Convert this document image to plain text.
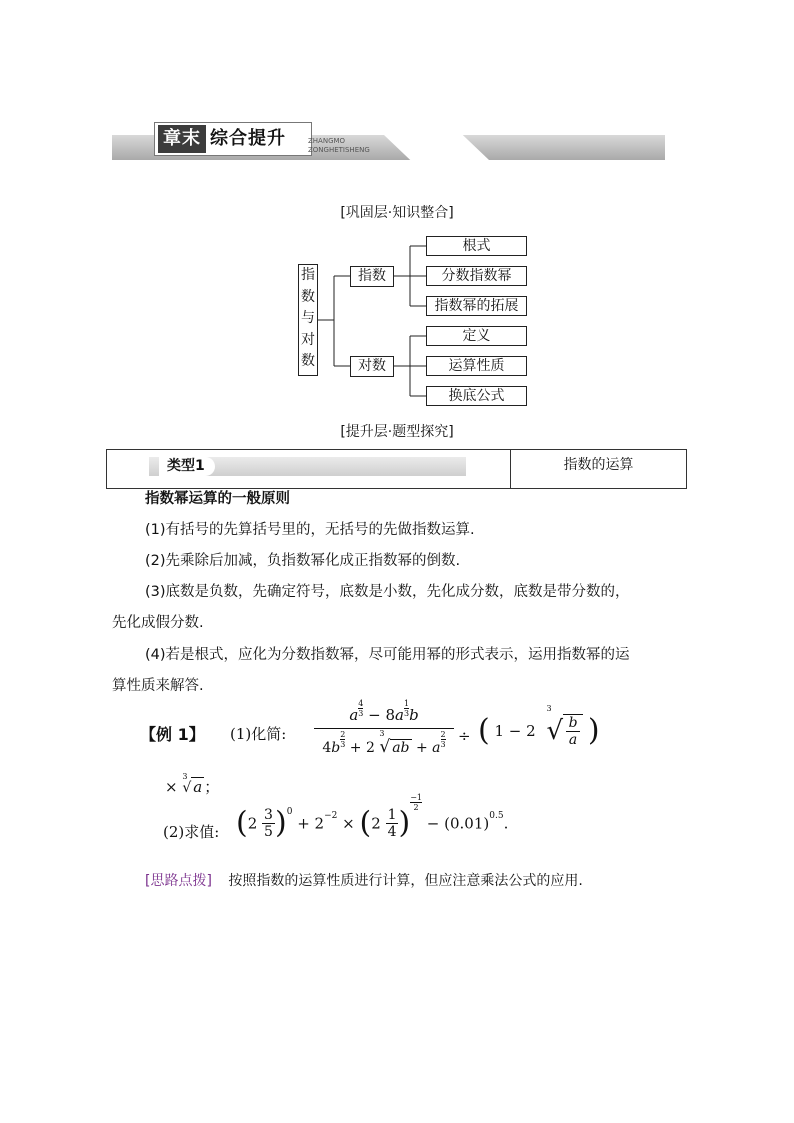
章末 综合提升	ZHANGMO
ZONGHETISHENG
[巩固层·知识整合]
指
数
与
对
数
指数
对数
根式
分数指数幂
指数幂的拓展
定义
运算性质
换底公式
[提升层·题型探究]
类型1	指数的运算
指数幂运算的一般原则
(1)有括号的先算括号里的，无括号的先做指数运算.
(2)先乘除后加减，负指数幂化成正指数幂的倒数.
(3)底数是负数，先确定符号，底数是小数，先化成分数，底数是带分数的，
先化成假分数.
(4)若是根式，应化为分数指数幂，尽可能用幂的形式表示，运用指数幂的运
算性质来解答.
【例 1】 (1)化简:
a $\frac{4}{3} - 8a \frac{1}{3}$ b
$4b \frac{2}{3} + 2$
3
√ ab + a $\frac{2}{3}$ ÷ ( 1 − 2
3
√ b
a )
×
3
√ a ；
(2)求值: $(2 \frac{3}{5} )^0 + 2^{-2} \times (2 \frac{1}{4}$ )
$\frac{-1}{2}$
− $(0.01)^{0.5}$.
[思路点拨] 按照指数的运算性质进行计算，但应注意乘法公式的应用.
